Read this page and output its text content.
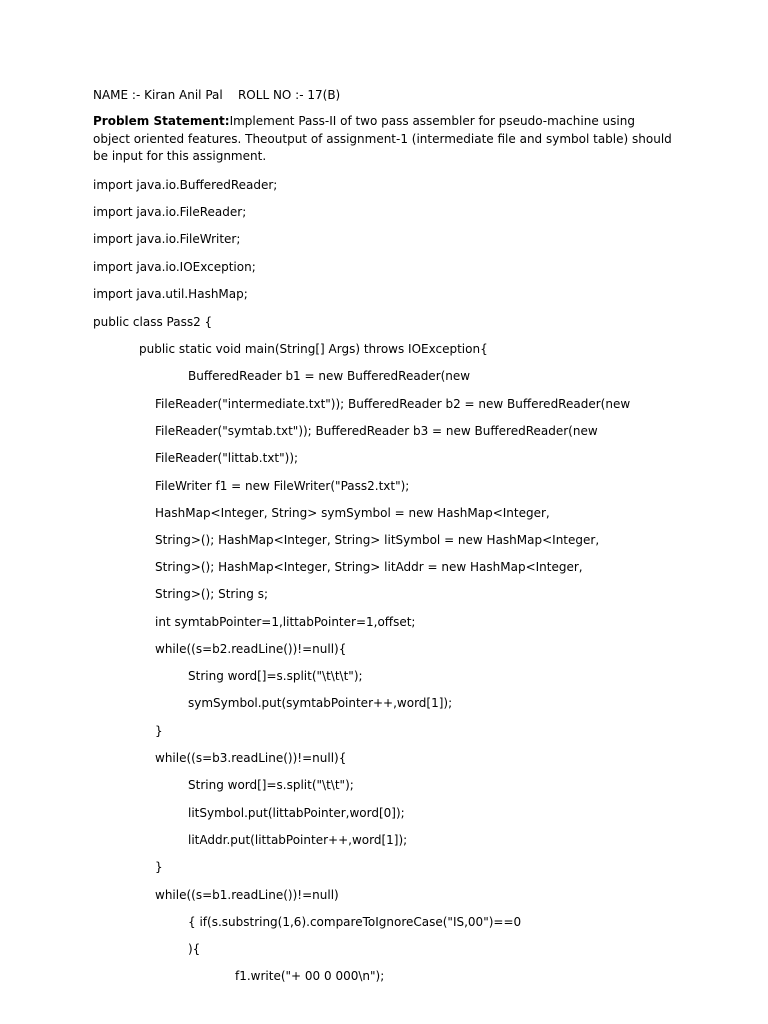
NAME :- Kiran Anil Pal    ROLL NO :- 17(B)
Problem Statement:Implement Pass-II of two pass assembler for pseudo-machine using object oriented features. Theoutput of assignment-1 (intermediate file and symbol table) should be input for this assignment.
import java.io.BufferedReader;
import java.io.FileReader;
import java.io.FileWriter;
import java.io.IOException;
import java.util.HashMap;
public class Pass2 {
public static void main(String[] Args) throws IOException{
BufferedReader b1 = new BufferedReader(new
FileReader("intermediate.txt")); BufferedReader b2 = new BufferedReader(new
FileReader("symtab.txt")); BufferedReader b3 = new BufferedReader(new
FileReader("littab.txt"));
FileWriter f1 = new FileWriter("Pass2.txt");
HashMap<Integer, String> symSymbol = new HashMap<Integer,
String>(); HashMap<Integer, String> litSymbol = new HashMap<Integer,
String>(); HashMap<Integer, String> litAddr = new HashMap<Integer,
String>(); String s;
int symtabPointer=1,littabPointer=1,offset;
while((s=b2.readLine())!=null){
String word[]=s.split("\t\t\t");
symSymbol.put(symtabPointer++,word[1]);
}
while((s=b3.readLine())!=null){
String word[]=s.split("\t\t");
litSymbol.put(littabPointer,word[0]);
litAddr.put(littabPointer++,word[1]);
}
while((s=b1.readLine())!=null)
{ if(s.substring(1,6).compareToIgnoreCase("IS,00")==0
){
f1.write("+ 00 0 000\n");
